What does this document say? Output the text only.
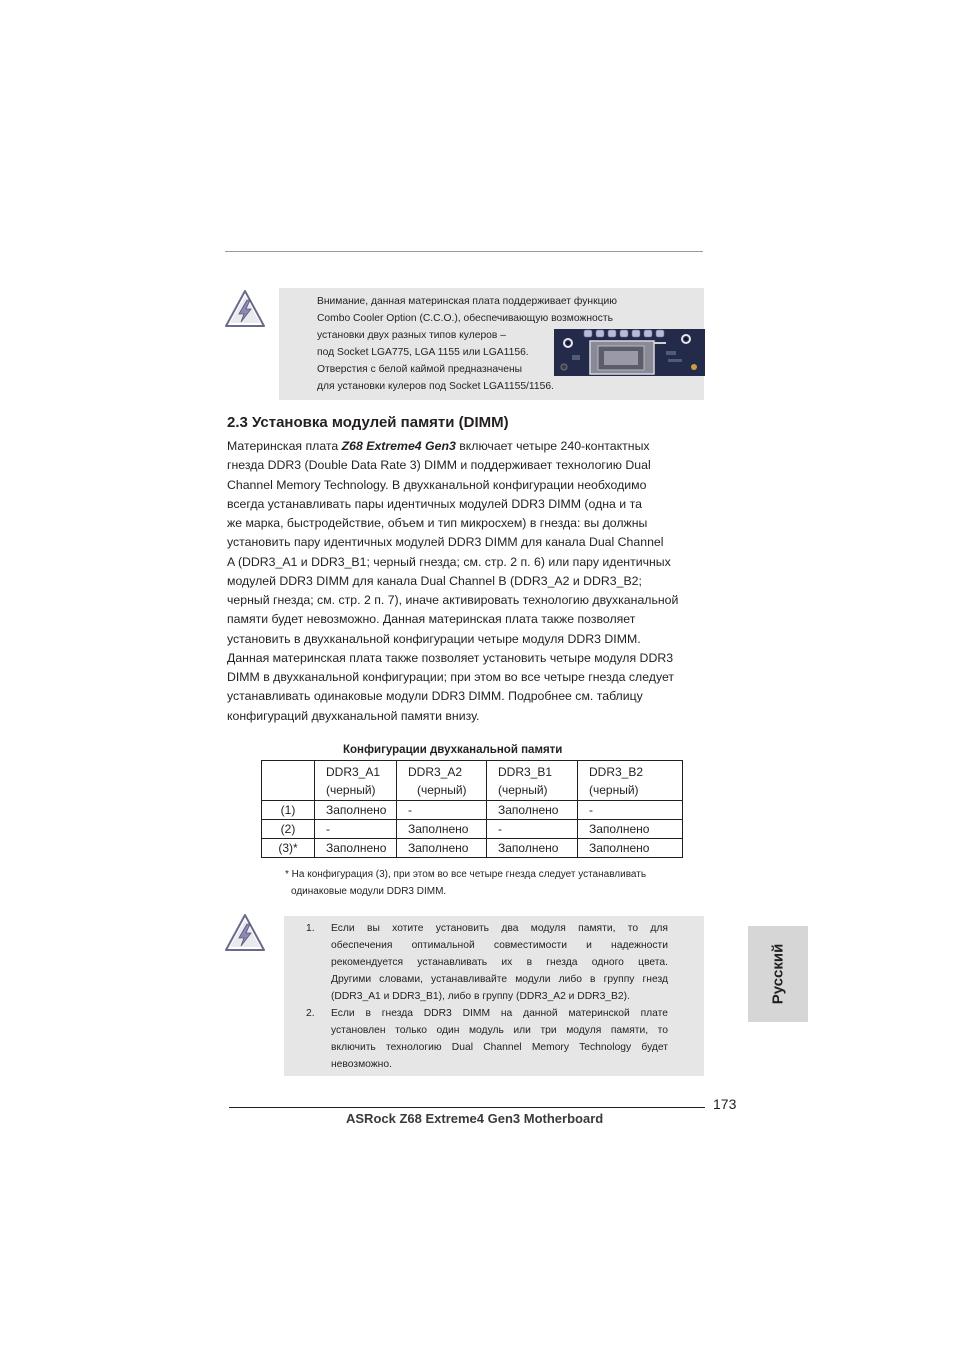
Внимание, данная материнская плата поддерживает функцию
Combo Cooler Option (C.C.O.), обеспечивающую возможность
установки двух разных типов кулеров –
под Socket LGA775, LGA 1155 или LGA1156.
Отверстия с белой каймой предназначены
для установки кулеров под Socket LGA1155/1156.
2.3 Установка модулей памяти (DIMM)
Материнская плата Z68 Extreme4 Gen3 включает четыре 240-контактных
гнезда DDR3 (Double Data Rate 3) DIMM и поддерживает технологию Dual
Channel Memory Technology. В двухканальной конфигурации необходимо
всегда устанавливать пары идентичных модулей DDR3 DIMM (одна и та
же марка, быстродействие, объем и тип микросхем) в гнезда: вы должны
установить пару идентичных модулей DDR3 DIMM для канала Dual Channel
A (DDR3_A1 и DDR3_B1; черный гнезда; см. стр. 2 п. 6) или пару идентичных
модулей DDR3 DIMM для канала Dual Channel B (DDR3_A2 и DDR3_B2;
черный гнезда; см. стр. 2 п. 7), иначе активировать технологию двухканальной
памяти будет невозможно. Данная материнская плата также позволяет
установить в двухканальной конфигурации четыре модуля DDR3 DIMM.
Данная материнская плата также позволяет установить четыре модуля DDR3
DIMM в двухканальной конфигурации; при этом во все четыре гнезда следует
устанавливать одинаковые модули DDR3 DIMM. Подробнее см. таблицу
конфигураций двухканальной памяти внизу.
Конфигурации двухканальной памяти
	DDR3_A1	DDR3_A2	DDR3_B1	DDR3_B2
	(черный)	(черный)	(черный)	(черный)
(1)	Заполнено	-	Заполнено	-
(2)	-	Заполнено	-	Заполнено
(3)*	Заполнено	Заполнено	Заполнено	Заполнено
* На конфигурация (3), при этом во все четыре гнезда следует устанавливать
одинаковые модули DDR3 DIMM.
1. Если вы хотите установить два модуля памяти, то для
обеспечения оптимальной совместимости и надежности
рекомендуется устанавливать их в гнезда одного цвета.
Другими словами, устанавливайте модули либо в группу гнезд
(DDR3_A1 и DDR3_B1), либо в группу (DDR3_A2 и DDR3_B2).
2. Если в гнезда DDR3 DIMM на данной материнской плате
установлен только один модуль или три модуля памяти, то
включить технологию Dual Channel Memory Technology будет
невозможно.
Русский
173
ASRock Z68 Extreme4 Gen3 Motherboard
